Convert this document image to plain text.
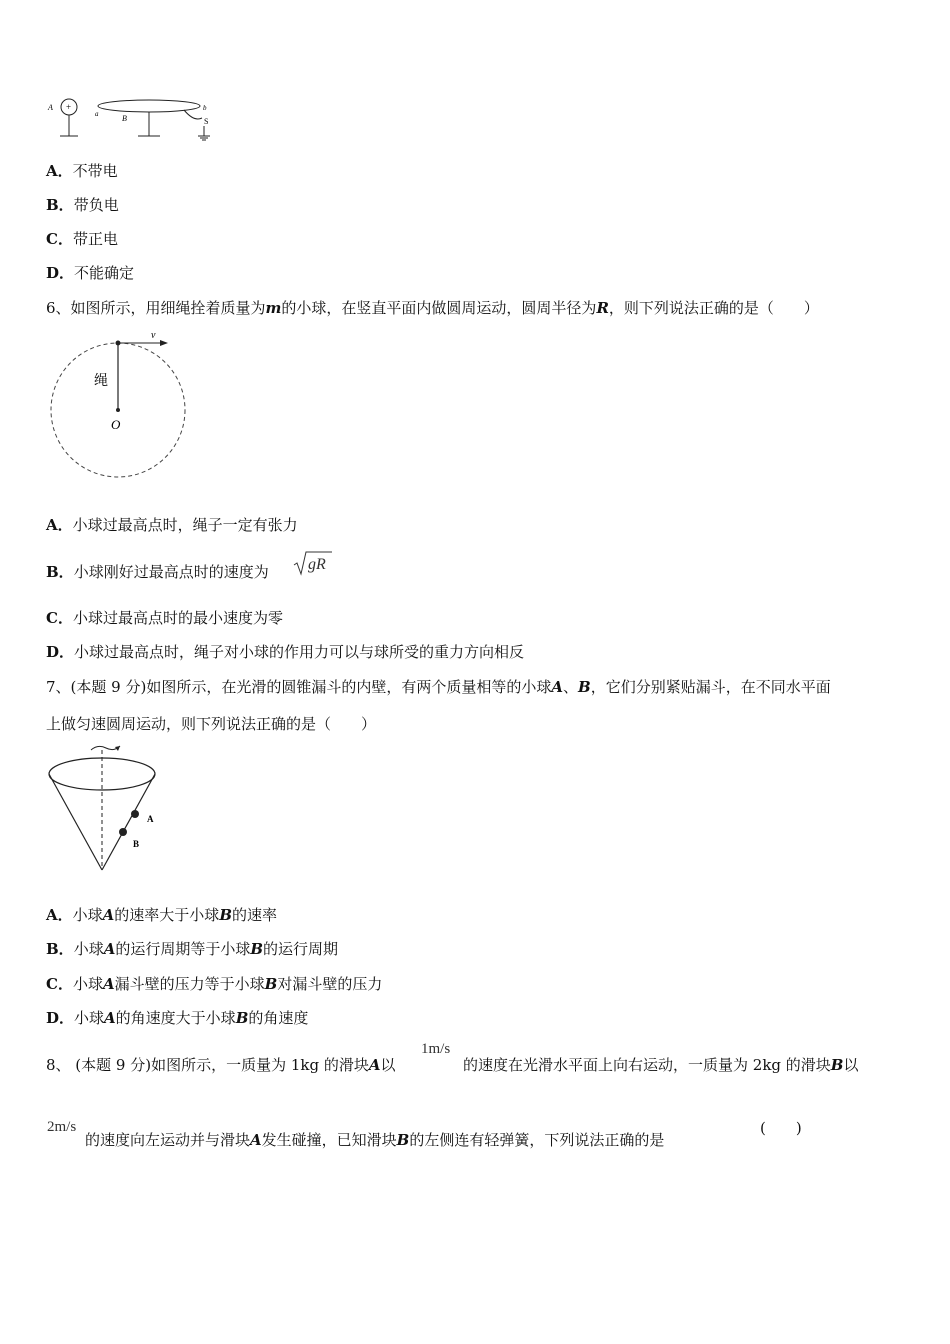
A +
a	B
b
S
A．不带电
B．带负电
C．带正电
D．不能确定
6、如图所示，用细绳拴着质量为m的小球，在竖直平面内做圆周运动，圆周半径为R，则下列说法正确的是（　　）
v
绳
O
A．小球过最高点时，绳子一定有张力
B．小球刚好过最高点时的速度为 gR
C．小球过最高点时的最小速度为零
D．小球过最高点时，绳子对小球的作用力可以与球所受的重力方向相反
7、(本题 9 分)如图所示，在光滑的圆锥漏斗的内壁，有两个质量相等的小球A、B，它们分别紧贴漏斗，在不同水平面
上做匀速圆周运动，则下列说法正确的是（　　）
A
B
A．小球A的速率大于小球B的速率
B．小球A的运行周期等于小球B的运行周期
C．小球A漏斗壁的压力等于小球B对漏斗壁的压力
D．小球A的角速度大于小球B的角速度
8、 (本题 9 分)如图所示，一质量为 1kg 的滑块A以
1m/s
的速度在光滑水平面上向右运动，一质量为 2kg 的滑块B以
2m/s
的速度向左运动并与滑块A发生碰撞，已知滑块B的左侧连有轻弹簧，下列说法正确的是
(　　)
